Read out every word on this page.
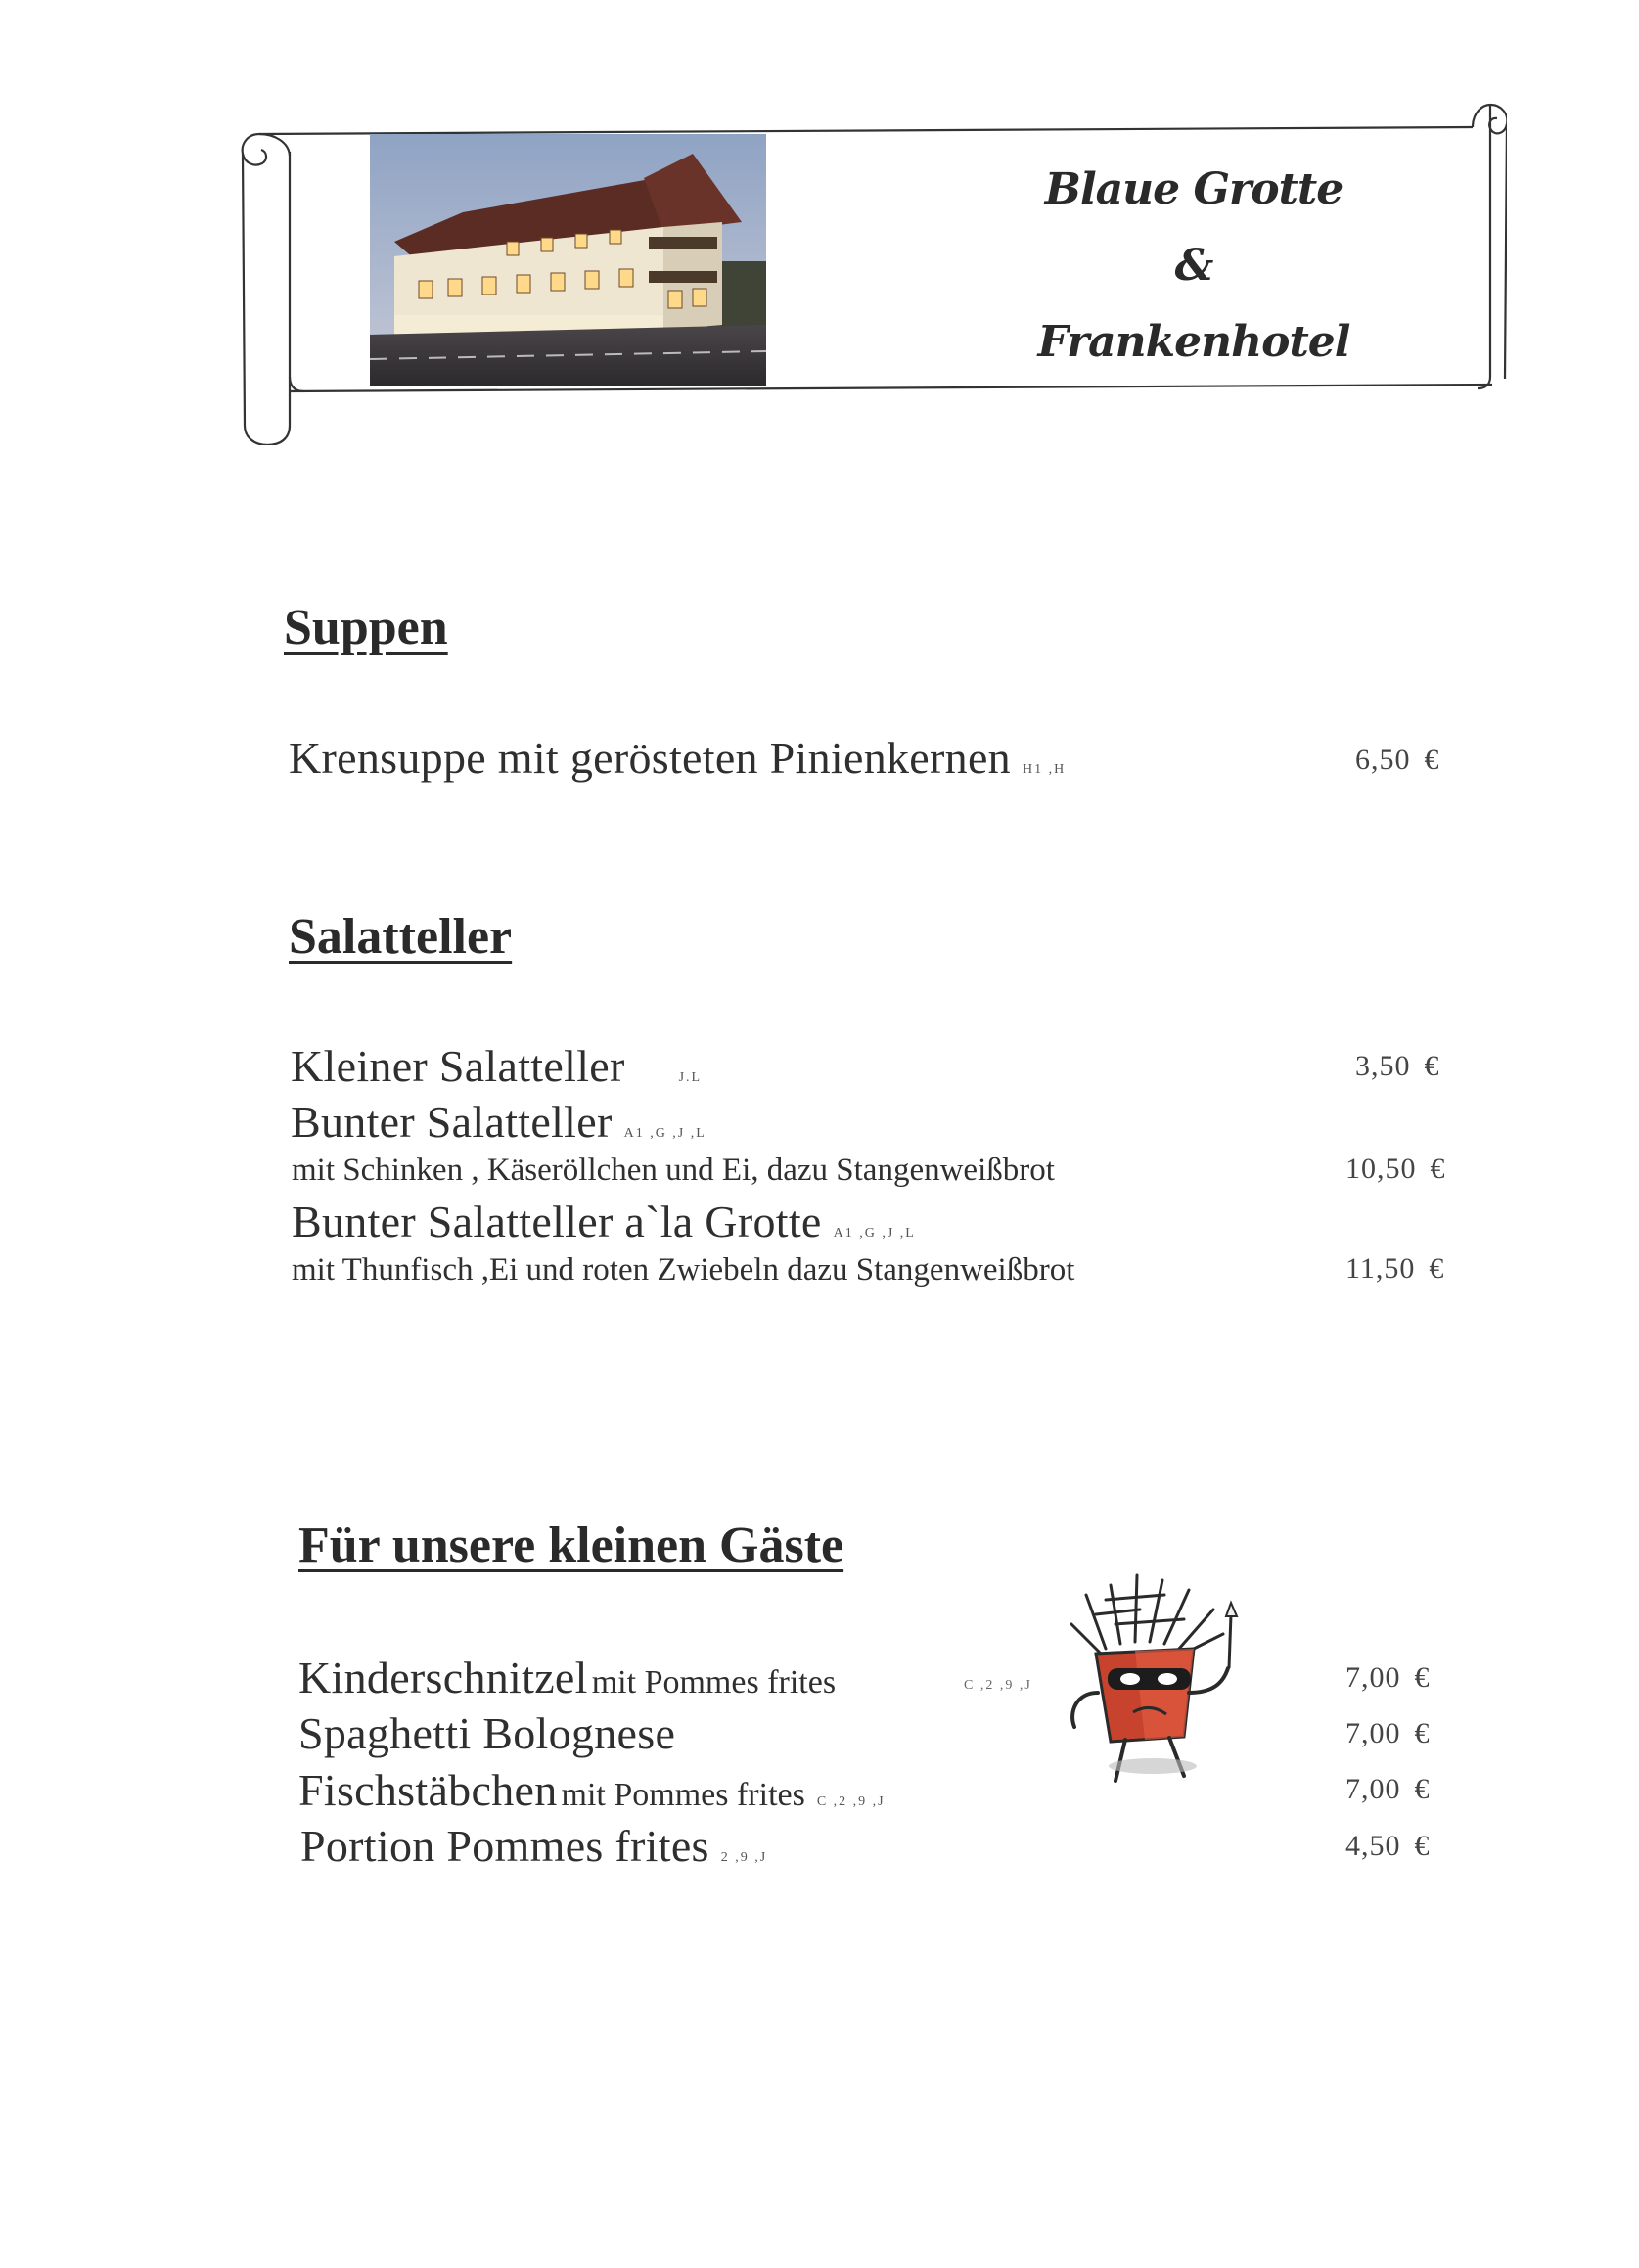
Blaue Grotte
&
Frankenhotel
Suppen
Krensuppe mit gerösteten Pinienkernen H1 ,H	6,50 €
Salatteller
Kleiner Salatteller	J.L	3,50 €
Bunter Salatteller A1 ,G ,J ,L
mit Schinken , Käseröllchen und Ei, dazu Stangenweißbrot	10,50 €
Bunter Salatteller a`la Grotte A1 ,G ,J ,L
mit Thunfisch ,Ei und roten Zwiebeln dazu Stangenweißbrot	11,50 €
Für unsere kleinen Gäste
Kinderschnitzel mit Pommes frites	C ,2 ,9 ,J	7,00 €
Spaghetti Bolognese	7,00 €
Fischstäbchen mit Pommes frites C ,2 ,9 ,J	7,00 €
Portion Pommes frites 2 ,9 ,J	4,50 €
